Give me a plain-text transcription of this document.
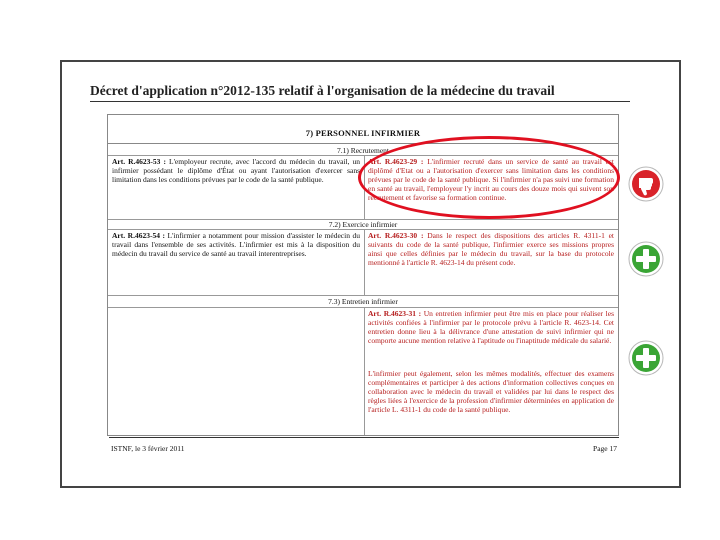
Décret d'application n°2012-135 relatif à l'organisation de la médecine du travail
$_{7) PERSONNEL INFIRMIER}$
7.1) Recrutement
Art. R.4623-53 : L'employeur recrute, avec l'accord du médecin du travail, un infirmier possédant le diplôme d'État ou ayant l'autorisation d'exercer sans limitation dans les conditions prévues par le code de la santé publique.
Art. R.4623-29 : L'infirmier recruté dans un service de santé au travail est diplômé d'Etat ou a l'autorisation d'exercer sans limitation dans les conditions prévues par le code de la santé publique. Si l'infirmier n'a pas suivi une formation en santé au travail, l'employeur l'y incrit au cours des douze mois qui suivent son recrutement et favorise sa formation continue.
7.2) Exercice infirmier
Art. R.4623-54 : L'infirmier a notamment pour mission d'assister le médecin du travail dans l'ensemble de ses activités. L'infirmier est mis à la disposition du médecin du travail du service de santé au travail interentreprises.
Art. R.4623-30 : Dans le respect des dispositions des articles R. 4311-1 et suivants du code de la santé publique, l'infirmier exerce ses missions propres ainsi que celles définies par le médecin du travail, sur la base du protocole mentionné à l'article R. 4623-14 du présent code.
7.3) Entretien infirmier
Art. R.4623-31 : Un entretien infirmier peut être mis en place pour réaliser les activités confiées à l'infirmier par le protocole prévu à l'article R. 4623-14. Cet entretien donne lieu à la délivrance d'une attestation de suivi infirmier qui ne comporte aucune mention relative à l'aptitude ou l'inaptitude médicale du salarié.
L'infirmier peut également, selon les mêmes modalités, effectuer des examens complémentaires et participer à des actions d'information collectives conçues en collaboration avec le médecin du travail et validées par lui dans le respect des règles liées à l'exercice de la profession d'infirmier déterminées en application de l'article L. 4311-1 du code de la santé publique.
ISTNF, le 3 février 2011	Page 17
